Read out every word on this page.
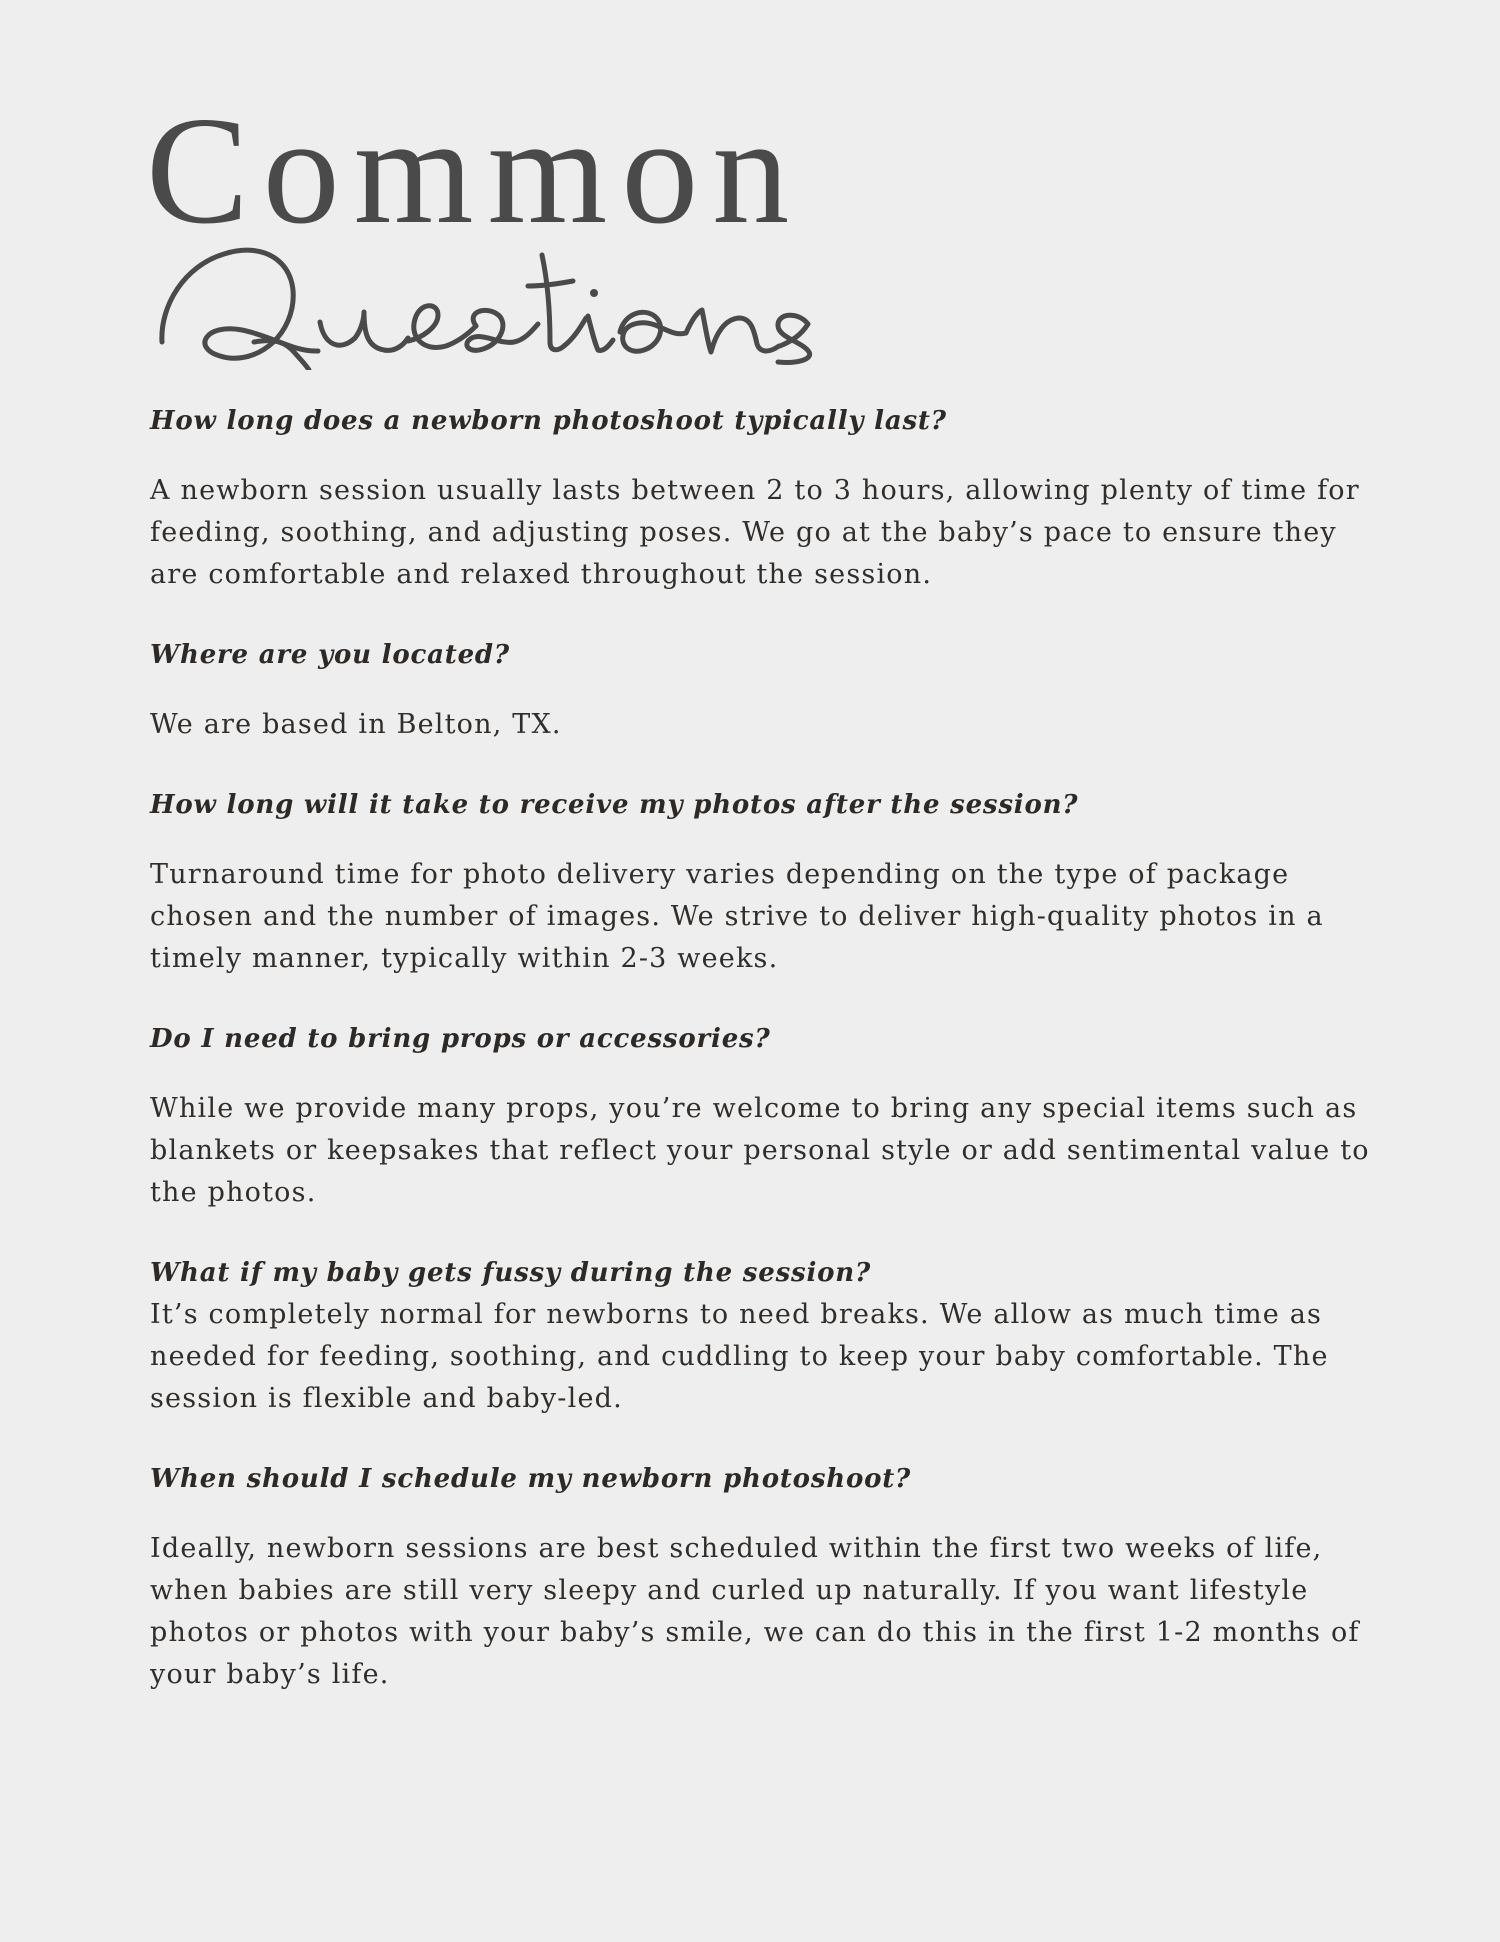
Common

How long does a newborn photoshoot typically last?

A newborn session usually lasts between 2 to 3 hours, allowing plenty of time for feeding, soothing, and adjusting poses. We go at the baby’s pace to ensure they are comfortable and relaxed throughout the session.

Where are you located?

We are based in Belton, TX.

How long will it take to receive my photos after the session?

Turnaround time for photo delivery varies depending on the type of package chosen and the number of images. We strive to deliver high-quality photos in a timely manner, typically within 2-3 weeks.

Do I need to bring props or accessories?

While we provide many props, you’re welcome to bring any special items such as blankets or keepsakes that reflect your personal style or add sentimental value to the photos.

What if my baby gets fussy during the session?

It’s completely normal for newborns to need breaks. We allow as much time as needed for feeding, soothing, and cuddling to keep your baby comfortable. The session is flexible and baby-led.

When should I schedule my newborn photoshoot?

Ideally, newborn sessions are best scheduled within the first two weeks of life, when babies are still very sleepy and curled up naturally. If you want lifestyle photos or photos with your baby’s smile, we can do this in the first 1-2 months of your baby’s life.
